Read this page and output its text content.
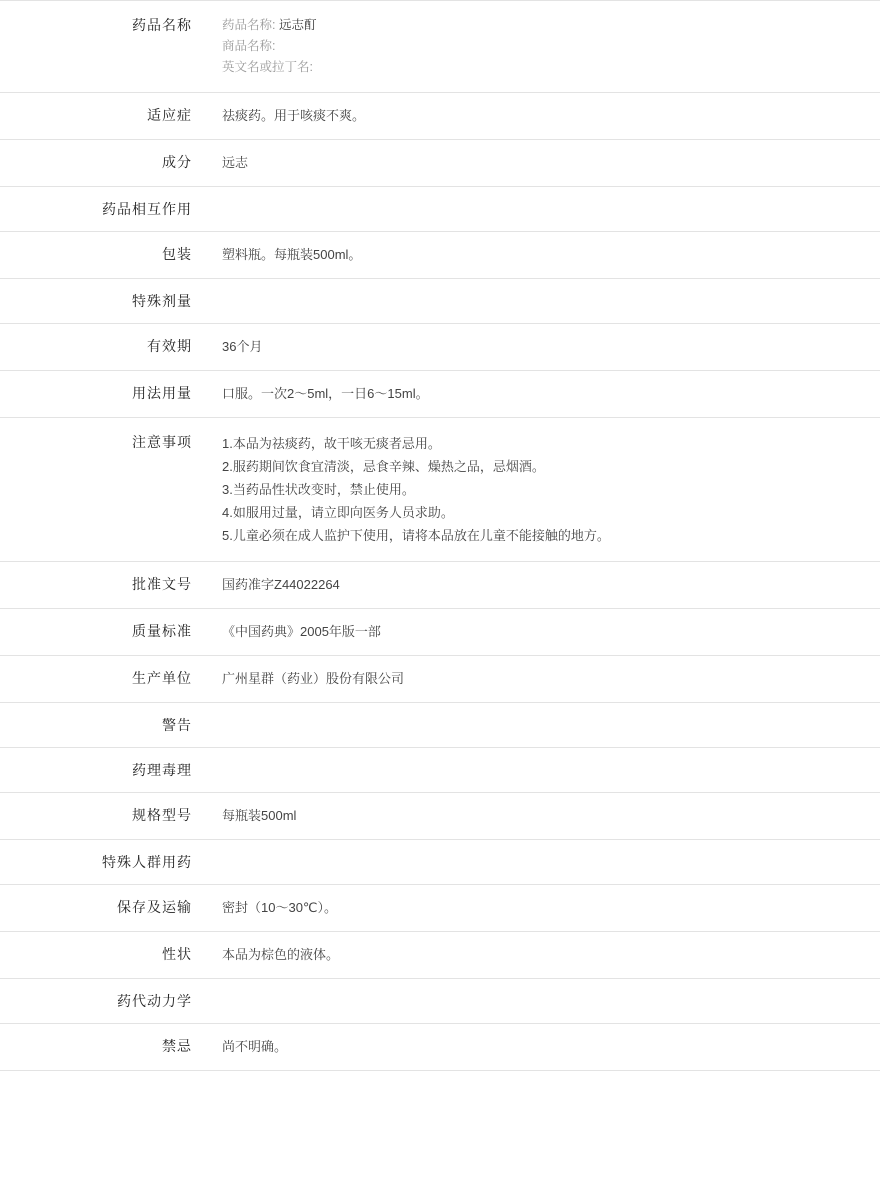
药品名称	药品名称: 远志酊
商品名称:
英文名或拉丁名:

适应症	祛痰药。用于咳痰不爽。

成分	远志

药品相互作用	

包装	塑料瓶。每瓶装500ml。

特殊剂量	

有效期	36个月

用法用量	口服。一次2～5ml，一日6～15ml。

注意事项	1.本品为祛痰药，故干咳无痰者忌用。
2.服药期间饮食宜清淡，忌食辛辣、燥热之品，忌烟酒。
3.当药品性状改变时，禁止使用。
4.如服用过量，请立即向医务人员求助。
5.儿童必须在成人监护下使用，请将本品放在儿童不能接触的地方。

批准文号	国药准字Z44022264

质量标准	《中国药典》2005年版一部

生产单位	广州星群（药业）股份有限公司

警告	

药理毒理	

规格型号	每瓶装500ml

特殊人群用药	

保存及运输	密封（10～30℃）。

性状	本品为棕色的液体。

药代动力学	

禁忌	尚不明确。
